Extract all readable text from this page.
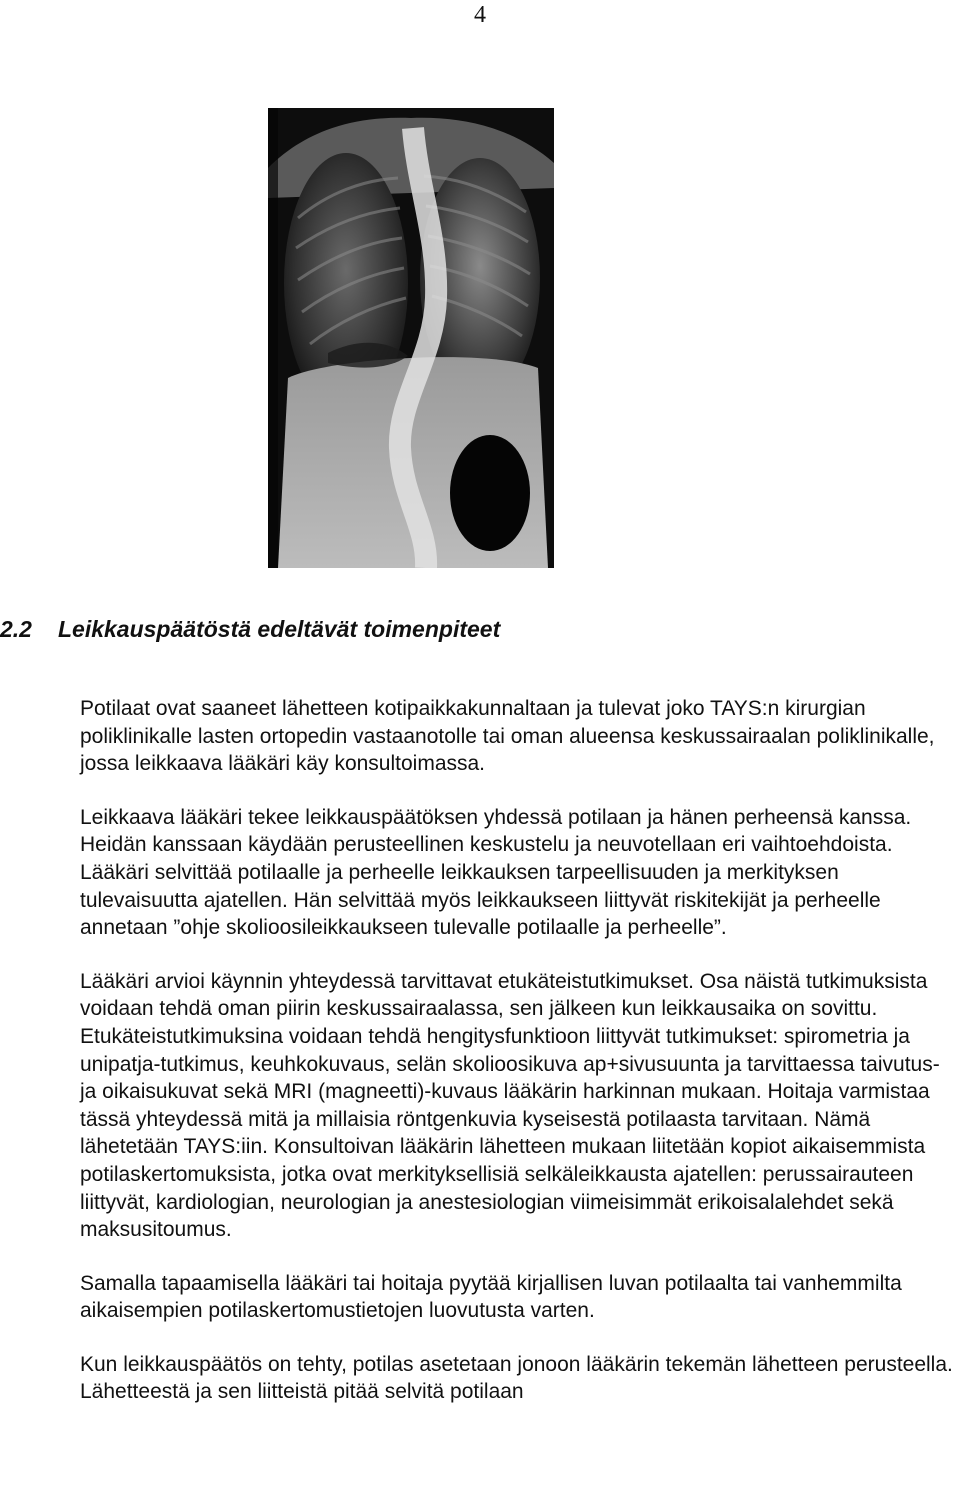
4
2.2 Leikkauspäätöstä edeltävät toimenpiteet

Potilaat ovat saaneet lähetteen kotipaikkakunnaltaan ja tulevat joko TAYS:n kirurgian poliklinikalle lasten ortopedin vastaanotolle tai oman alueensa keskussairaalan poliklinikalle, jossa leikkaava lääkäri käy konsultoimassa.

Leikkaava lääkäri tekee leikkauspäätöksen yhdessä potilaan ja hänen perheensä kanssa. Heidän kanssaan käydään perusteellinen keskustelu ja neuvotellaan eri vaihtoehdoista. Lääkäri selvittää potilaalle ja perheelle leikkauksen tarpeellisuuden ja merkityksen tulevaisuutta ajatellen. Hän selvittää myös leikkaukseen liittyvät riskitekijät ja perheelle annetaan ”ohje skolioosileikkaukseen tulevalle potilaalle ja perheelle”.

Lääkäri arvioi käynnin yhteydessä tarvittavat etukäteistutkimukset. Osa näistä tutkimuksista voidaan tehdä oman piirin keskussairaalassa, sen jälkeen kun leikkausaika on sovittu. Etukäteistutkimuksina voidaan tehdä hengitysfunktioon liittyvät tutkimukset: spirometria ja unipatja-tutkimus, keuhkokuvaus, selän skolioosikuva ap+sivusuunta ja tarvittaessa taivutus- ja oikaisukuvat sekä MRI (magneetti)-kuvaus lääkärin harkinnan mukaan. Hoitaja varmistaa tässä yhteydessä mitä ja millaisia röntgenkuvia kyseisestä potilaasta tarvitaan. Nämä lähetetään TAYS:iin. Konsultoivan lääkärin lähetteen mukaan liitetään kopiot aikaisemmista potilaskertomuksista, jotka ovat merkityksellisiä selkäleikkausta ajatellen: perussairauteen liittyvät, kardiologian, neurologian ja anestesiologian viimeisimmät erikoisalalehdet sekä maksusitoumus.

Samalla tapaamisella lääkäri tai hoitaja pyytää kirjallisen luvan potilaalta tai vanhemmilta aikaisempien potilaskertomustietojen luovutusta varten.

Kun leikkauspäätös on tehty, potilas asetetaan jonoon lääkärin tekemän lähetteen perusteella. Lähetteestä ja sen liitteistä pitää selvitä potilaan
